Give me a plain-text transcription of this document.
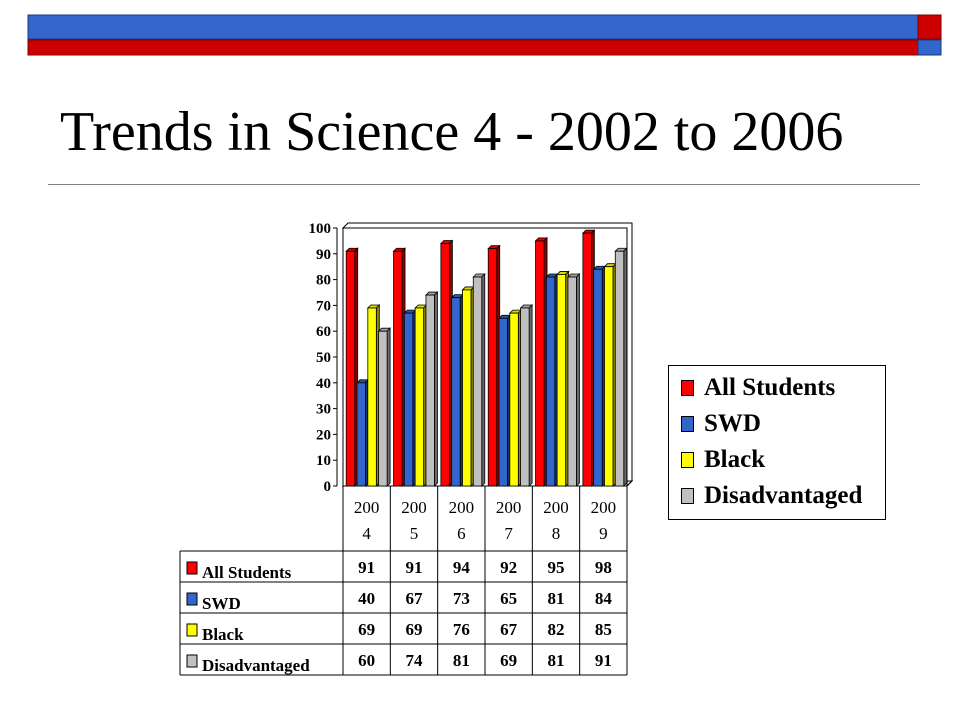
Trends in Science 4 - 2002 to 2006
100
90
80
70
60
50
40
30
20
10
0
200 4
200 5
200 6
200 7
200 8
200 9
All Students	91 91 94 92 95 98
SWD	40 67 73 65 81 84
Black	69 69 76 67 82 85
Disadvantaged	60 74 81 69 81 91
All Students
SWD
Black
Disadvantaged
